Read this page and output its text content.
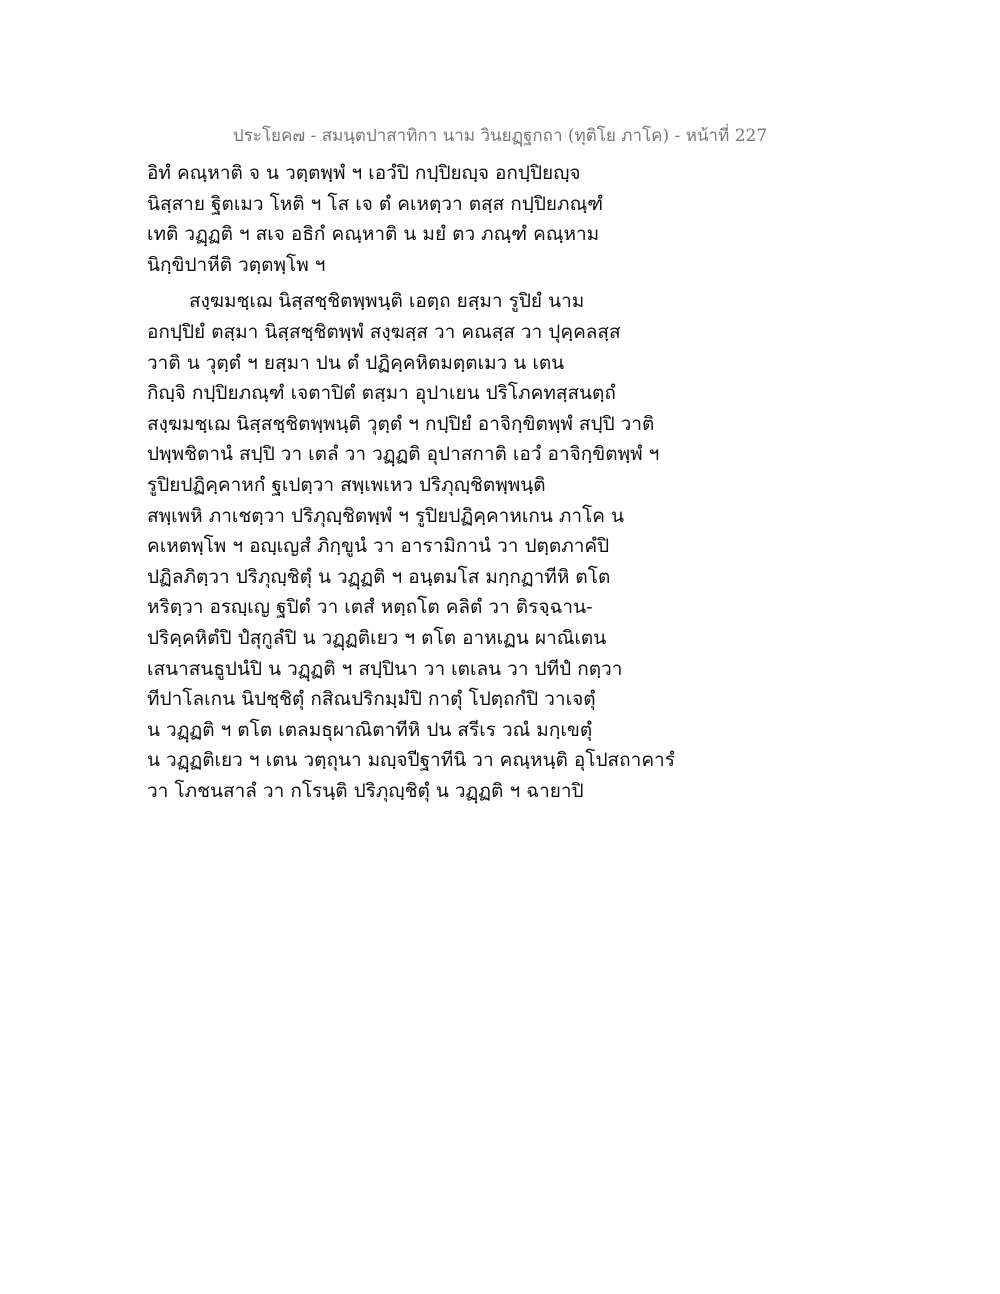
ประโยค๗ - สมนฺตปาสาทิกา นาม วินยฏฺฐกถา (ทุติโย ภาโค) - หน้าที่ 227
อิทํ คณฺหาติ จ น วตฺตพฺพํ ฯ เอวํปิ กปฺปิยญฺจ อกปฺปิยญฺจ
นิสฺสาย ฐิตเมว โหติ ฯ โส เจ ตํ คเหตฺวา ตสฺส กปฺปิยภณฺฑํ
เทติ วฏฺฏติ ฯ สเจ อธิกํ คณฺหาติ น มยํ ตว ภณฺฑํ คณฺหาม
นิกฺขิปาหีติ วตฺตพฺโพ ฯ
สงฺฆมชฺเฌ นิสฺสชฺชิตพฺพนฺติ เอตฺถ ยสฺมา รูปิยํ นาม
อกปฺปิยํ ตสฺมา นิสฺสชฺชิตพฺพํ สงฺฆสฺส วา คณสฺส วา ปุคฺคลสฺส
วาติ น วุตฺตํ ฯ ยสฺมา ปน ตํ ปฏิคฺคหิตมตฺตเมว น เตน
กิญฺจิ กปฺปิยภณฺฑํ เจตาปิตํ ตสฺมา อุปาเยน ปริโภคทสฺสนตฺถํ
สงฺฆมชฺเฌ นิสฺสชฺชิตพฺพนฺติ วุตฺตํ ฯ กปฺปิยํ อาจิกฺขิตพฺพํ สปฺปิ วาติ
ปพฺพชิตานํ สปฺปิ วา เตลํ วา วฏฺฏติ อุปาสกาติ เอวํ อาจิกฺขิตพฺพํ ฯ
รูปิยปฏิคฺคาหกํ ฐเปตฺวา สพฺเพเหว ปริภุญฺชิตพฺพนฺติ
สพฺเพหิ ภาเชตฺวา ปริภุญฺชิตพฺพํ ฯ รูปิยปฏิคฺคาหเกน ภาโค น
คเหตพฺโพ ฯ อญฺเญสํ ภิกฺขูนํ วา อารามิกานํ วา ปตฺตภาคํปิ
ปฏิลภิตฺวา ปริภุญฺชิตุํ น วฏฺฏติ ฯ อนฺตมโส มกฺกฏาทีหิ ตโต
หริตฺวา อรญฺเญ ฐปิตํ วา เตสํ หตฺถโต คลิตํ วา ติรจฺฉาน-
ปริคฺคหิตํปิ ปํสุกูลํปิ น วฏฺฏติเยว ฯ ตโต อาหเฏน ผาณิเตน
เสนาสนธูปนํปิ น วฏฺฏติ ฯ สปฺปินา วา เตเลน วา ปทีปํ กตฺวา
ทีปาโลเกน นิปชฺชิตุํ กสิณปริกมฺมํปิ กาตุํ โปตฺถกํปิ วาเจตุํ
น วฏฺฏติ ฯ ตโต เตลมธุผาณิตาทีหิ ปน สรีเร วณํ มกฺเขตุํ
น วฏฺฏติเยว ฯ เตน วตฺถุนา มญฺจปีฐาทีนิ วา คณฺหนฺติ อุโปสถาคารํ
วา โภชนสาลํ วา กโรนฺติ ปริภุญฺชิตุํ น วฏฺฏติ ฯ ฉายาปิ
